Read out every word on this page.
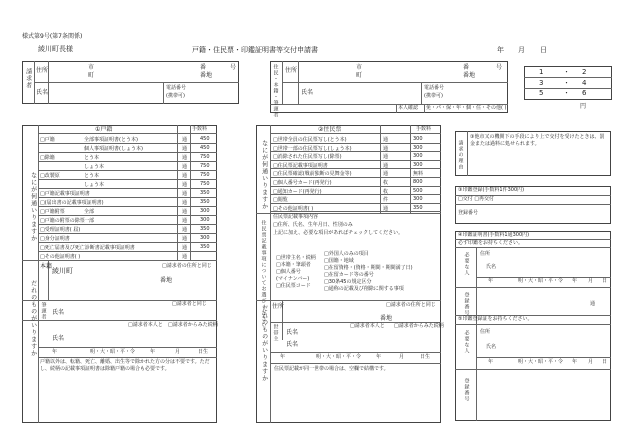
様式第9号(第7条関係)
綾川町長様	戸籍・住民票・印鑑証明書等交付申請書	年 月 日
請求者 住所	市
町
番
番地
号
氏名
電話番号
(携帯可)	住民・本籍・筆頭者 住所	市
町
番
番地
号
氏名
電話番号
(携帯可)
本人確認 免・パ・保・年・個・住・その他( )
1	・ 2
3	・ 4
5	・ 6
円
①戸籍	手数料
なにが何通いりますか
□戸籍	全部事項証明書(とう本)	通	450
個人事項証明書(しょう本)	通	450
□除籍	とう本	通	750
しょう本	通	750
□改製原	とう本	通	750
しょう本	通	750
□戸籍記載事項証明書	通	350
□(届出書の記載事項証明書)	通	350
□戸籍附票	全部	通	300
□戸籍の附票の除票 一部	通	300
□受理証明書( 届)	通	350
□身分証明書	通	300
□死亡届書及び死亡診断書記載事項証明書	通	350
□その他証明書( )	通
本籍
綾川町
□請求者の住所と同じ
番地
筆頭者 氏名
□請求者と同じ
だれのものがいりますか	□請求者本人と □請求者からみた続柄
氏名
年	明・大・昭・平・令	年	月	日生
戸籍以外は、転籍、死亡、離婚、出生等で除かれた方の分は不要です。ただし、続柄の記載事項証明書は除籍戸籍の場合も必要です。
②住民票	手数料
なにが何通いりますか □世帯全員の住民票写し(とう本)	通	300
□世帯一部の住民票写し(しょう本)	通	300
□消除された住民票写し(除票)	通	300
□住民票記載事項証明書	通	300
□住民票確認(戦前独断の見舞金等)	通	無料
□個人番号カード(再発行)	枚	800
□通知カード(再発行)	枚	500
□閲覧	件	300
□その他証明書( )	通	350
住民票記載事項についてお選びください
住民票記載事項内容
□住所、氏名、生年月日、性別のみ
上記に加え、必要な項目があればチェックしてください。
□世帯主名・続柄
□本籍・筆頭者
□個人番号
(マイナンバー)
□住民票コード
□外国人のみの項目
□国籍・地域
□在留資格・(資格・期間・期間満了日)
□在留カード等の番号
□30条45の規定区分
□通称の記載及び削除に関する事項
住所	□請求者の住所と同じ
番地
世帯主 氏名
だれのものがいりますか	□請求者本人と □請求者からみた続柄
氏名
年	明・大・昭・平・令	年	月	日生
住民票記載が同一世帯の場合は、空欄で結構です。
請求の理由
③他市又の機関下の手段により上で交付を受けたときは、罰金または過料に処せられます。
③印鑑登録(手数料1件300円)
□交付 □再交付
登録番号
④印鑑証明書(手数料1通300円)
必ず印鑑をお持ちください。
必要な人 住所
氏名
年	明・大・昭・平・令 年 月 日
登録番号	通
⑤印鑑登録証をお持ちください。
必要な人 住所
氏名
年	明・大・昭・平・令 年 月 日
登録番号
